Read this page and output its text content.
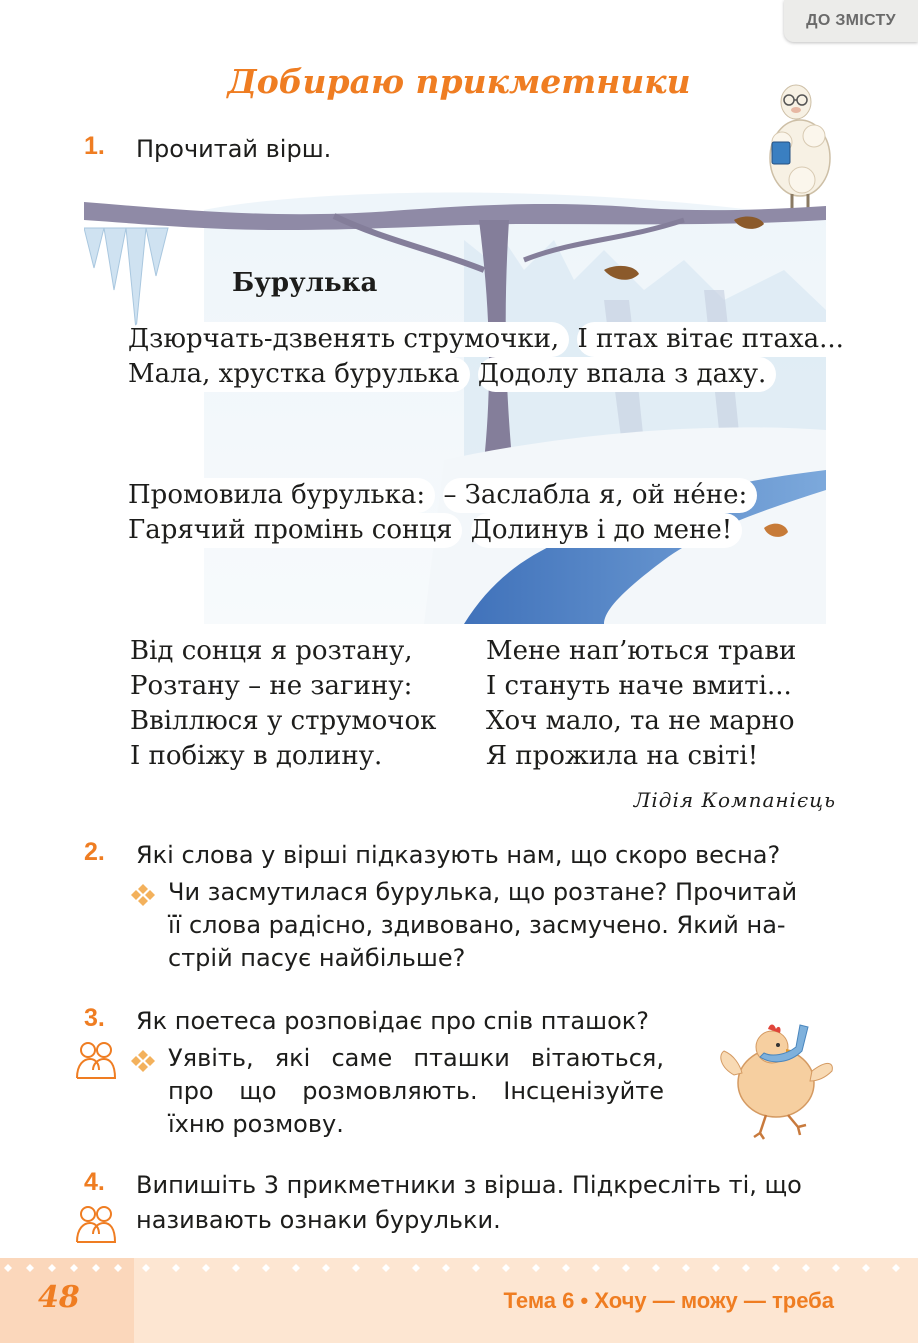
ДО ЗМІСТУ
Добираю прикметники
1. Прочитай вірш.

Бурулька

Дзюрчать-дзвенять струмочки, І птах вітає птаха... Мала, хрустка бурулька Додолу впала з даху.

Промовила бурулька: – Заслабла я, ой нéне: Гарячий промінь сонця Долинув і до мене!

Від сонця я розтану,
Розтану – не загину:
Ввіллюся у струмочок
І побіжу в долину.

Мене нап’ються трави
І стануть наче вмиті...
Хоч мало, та не марно
Я прожила на світі!

Лідія Компанієць

2. Які слова у вірші підказують нам, що скоро весна?

Чи засмутилася бурулька, що розтане? Прочитай
її слова радісно, здивовано, засмучено. Який на-
стрій пасує найбільше?

3. Як поетеса розповідає про спів пташок?

Уявіть, які саме пташки вітаються,
про що розмовляють. Інсценізуйте
їхню розмову.

4. Випишіть 3 прикметники з вірша. Підкресліть ті, що
називають ознаки бурульки.

48	Тема 6 • Хочу — можу — треба
